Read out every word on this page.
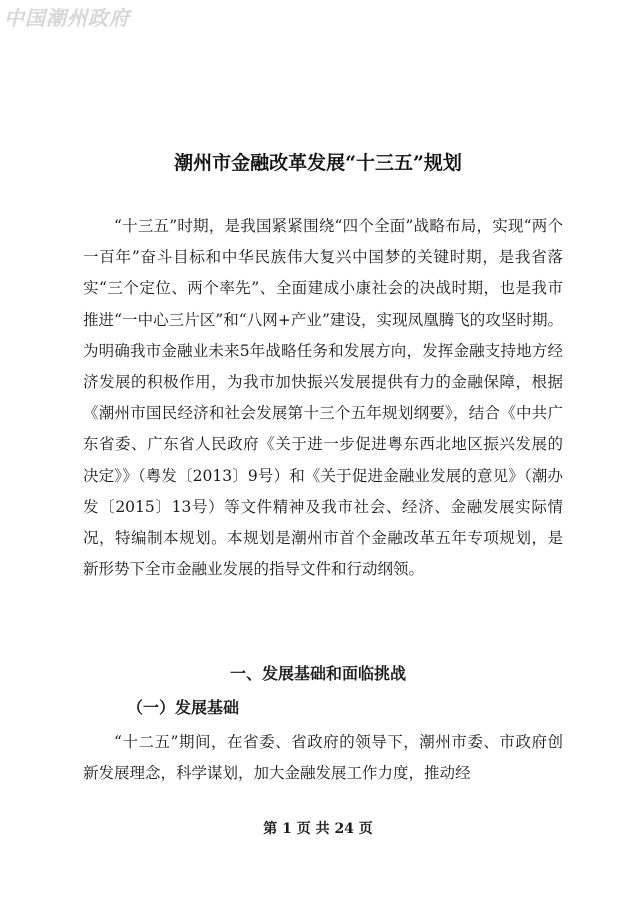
中国潮州政府
潮州市金融改革发展“十三五”规划

“十三五”时期，是我国紧紧围绕“四个全面”战略布局，实现“两个一百年”奋斗目标和中华民族伟大复兴中国梦的关键时期，是我省落实“三个定位、两个率先”、全面建成小康社会的决战时期，也是我市推进“一中心三片区”和“八网+产业”建设，实现凤凰腾飞的攻坚时期。为明确我市金融业未来5年战略任务和发展方向，发挥金融支持地方经济发展的积极作用，为我市加快振兴发展提供有力的金融保障，根据《潮州市国民经济和社会发展第十三个五年规划纲要》，结合《中共广东省委、广东省人民政府《关于进一步促进粤东西北地区振兴发展的决定》》（粤发〔2013〕9号）和《关于促进金融业发展的意见》（潮办发〔2015〕13号）等文件精神及我市社会、经济、金融发展实际情况，特编制本规划。本规划是潮州市首个金融改革五年专项规划，是新形势下全市金融业发展的指导文件和行动纲领。

一、发展基础和面临挑战
（一）发展基础

“十二五”期间，在省委、省政府的领导下，潮州市委、市政府创新发展理念，科学谋划，加大金融发展工作力度，推动经

第 1 页 共 24 页
